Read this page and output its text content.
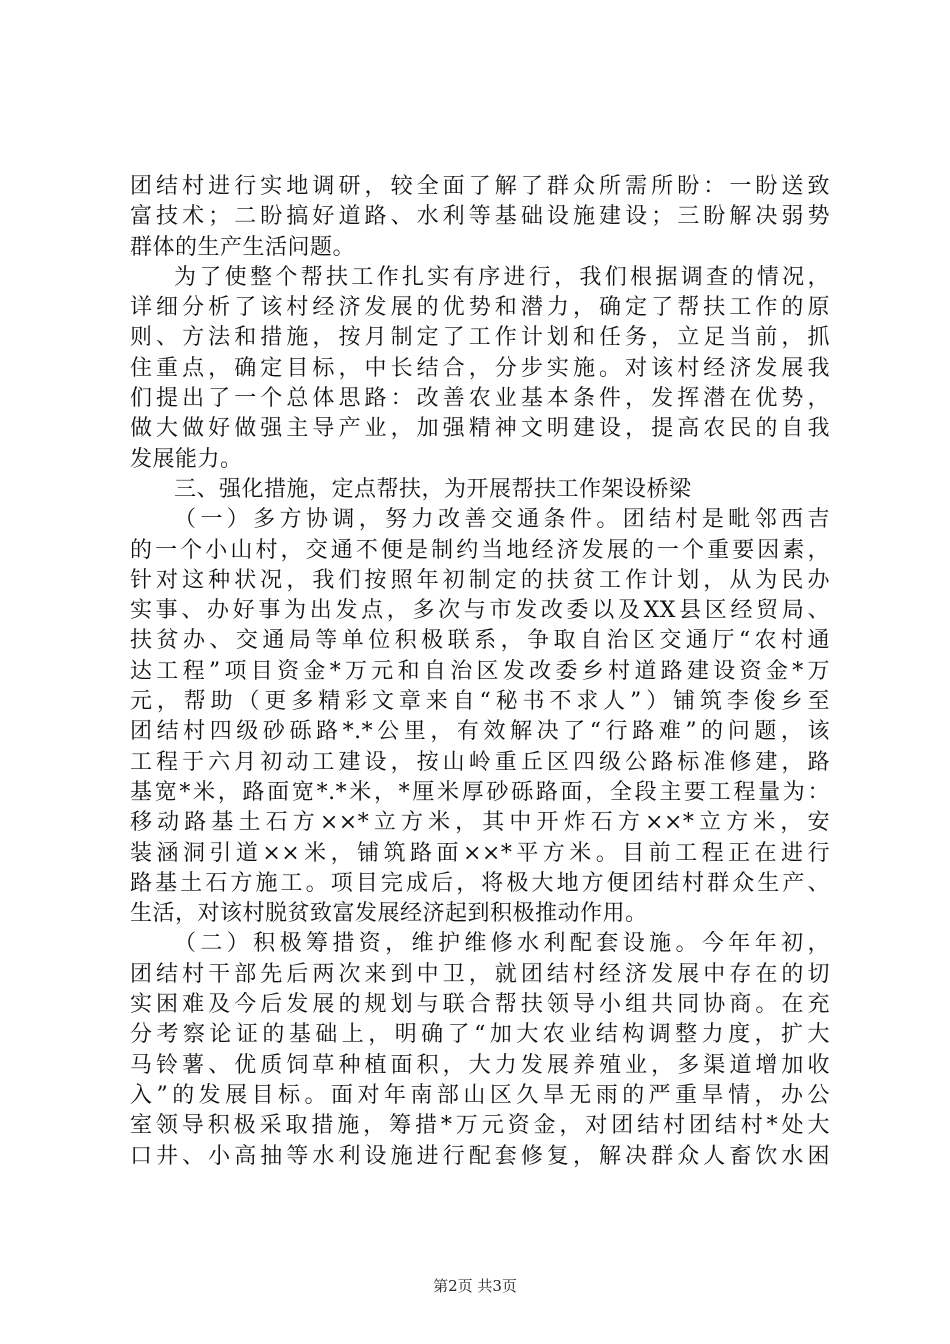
团结村进行实地调研，较全面了解了群众所需所盼：一盼送致
富技术；二盼搞好道路、水利等基础设施建设；三盼解决弱势
群体的生产生活问题。
为了使整个帮扶工作扎实有序进行，我们根据调查的情况，
详细分析了该村经济发展的优势和潜力，确定了帮扶工作的原
则、方法和措施，按月制定了工作计划和任务，立足当前，抓
住重点，确定目标，中长结合，分步实施。对该村经济发展我
们提出了一个总体思路：改善农业基本条件，发挥潜在优势，
做大做好做强主导产业，加强精神文明建设，提高农民的自我
发展能力。
三、强化措施，定点帮扶，为开展帮扶工作架设桥梁
（一）多方协调，努力改善交通条件。团结村是毗邻西吉
的一个小山村，交通不便是制约当地经济发展的一个重要因素，
针对这种状况，我们按照年初制定的扶贫工作计划，从为民办
实事、办好事为出发点，多次与市发改委以及XX县区经贸局、
扶贫办、交通局等单位积极联系，争取自治区交通厅“农村通
达工程”项目资金*万元和自治区发改委乡村道路建设资金*万
元，帮助（更多精彩文章来自“秘书不求人”）铺筑李俊乡至
团结村四级砂砾路*.*公里，有效解决了“行路难”的问题，该
工程于六月初动工建设，按山岭重丘区四级公路标准修建，路
基宽*米，路面宽*.*米，*厘米厚砂砾路面，全段主要工程量为：
移动路基土石方××*立方米，其中开炸石方××*立方米，安
装涵洞引道××米，铺筑路面××*平方米。目前工程正在进行
路基土石方施工。项目完成后，将极大地方便团结村群众生产、
生活，对该村脱贫致富发展经济起到积极推动作用。
（二）积极筹措资，维护维修水利配套设施。今年年初，
团结村干部先后两次来到中卫，就团结村经济发展中存在的切
实困难及今后发展的规划与联合帮扶领导小组共同协商。在充
分考察论证的基础上，明确了“加大农业结构调整力度，扩大
马铃薯、优质饲草种植面积，大力发展养殖业，多渠道增加收
入”的发展目标。面对年南部山区久旱无雨的严重旱情，办公
室领导积极采取措施，筹措*万元资金，对团结村团结村*处大
口井、小高抽等水利设施进行配套修复，解决群众人畜饮水困
第2页 共3页
